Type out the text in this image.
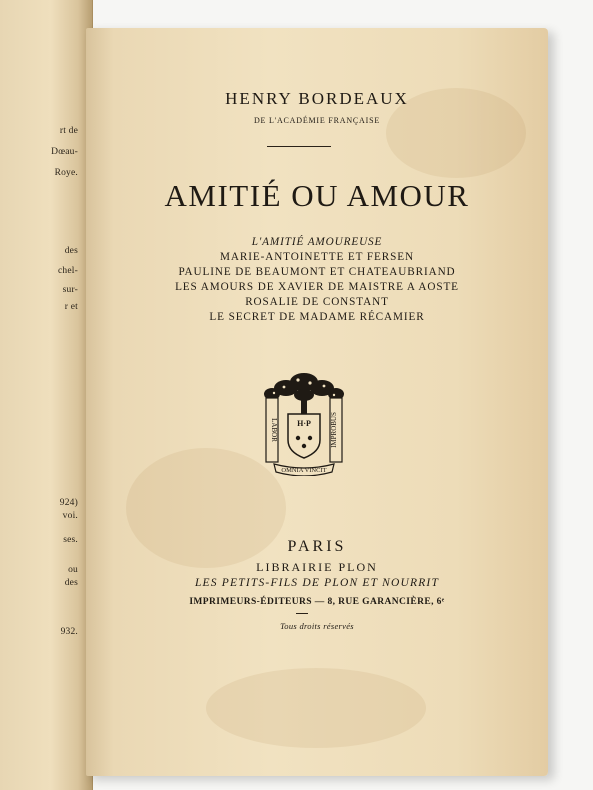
rt de
Dœau-
Roye.
des
chel-
sur-
r et
924)
voi.
ses.
ou
des
932.
HENRY BORDEAUX
DE L'ACADÉMIE FRANÇAISE
AMITIÉ OU AMOUR
L'AMITIÉ AMOUREUSE
MARIE-ANTOINETTE ET FERSEN
PAULINE DE BEAUMONT ET CHATEAUBRIAND
LES AMOURS DE XAVIER DE MAISTRE A AOSTE
ROSALIE DE CONSTANT
LE SECRET DE MADAME RÉCAMIER
H·P
LABOR	IMPROBUS
OMNIA VINCIT
PARIS
LIBRAIRIE PLON
LES PETITS-FILS DE PLON ET NOURRIT
IMPRIMEURS-ÉDITEURS — 8, RUE GARANCIÈRE, 6ᵉ
Tous droits réservés
